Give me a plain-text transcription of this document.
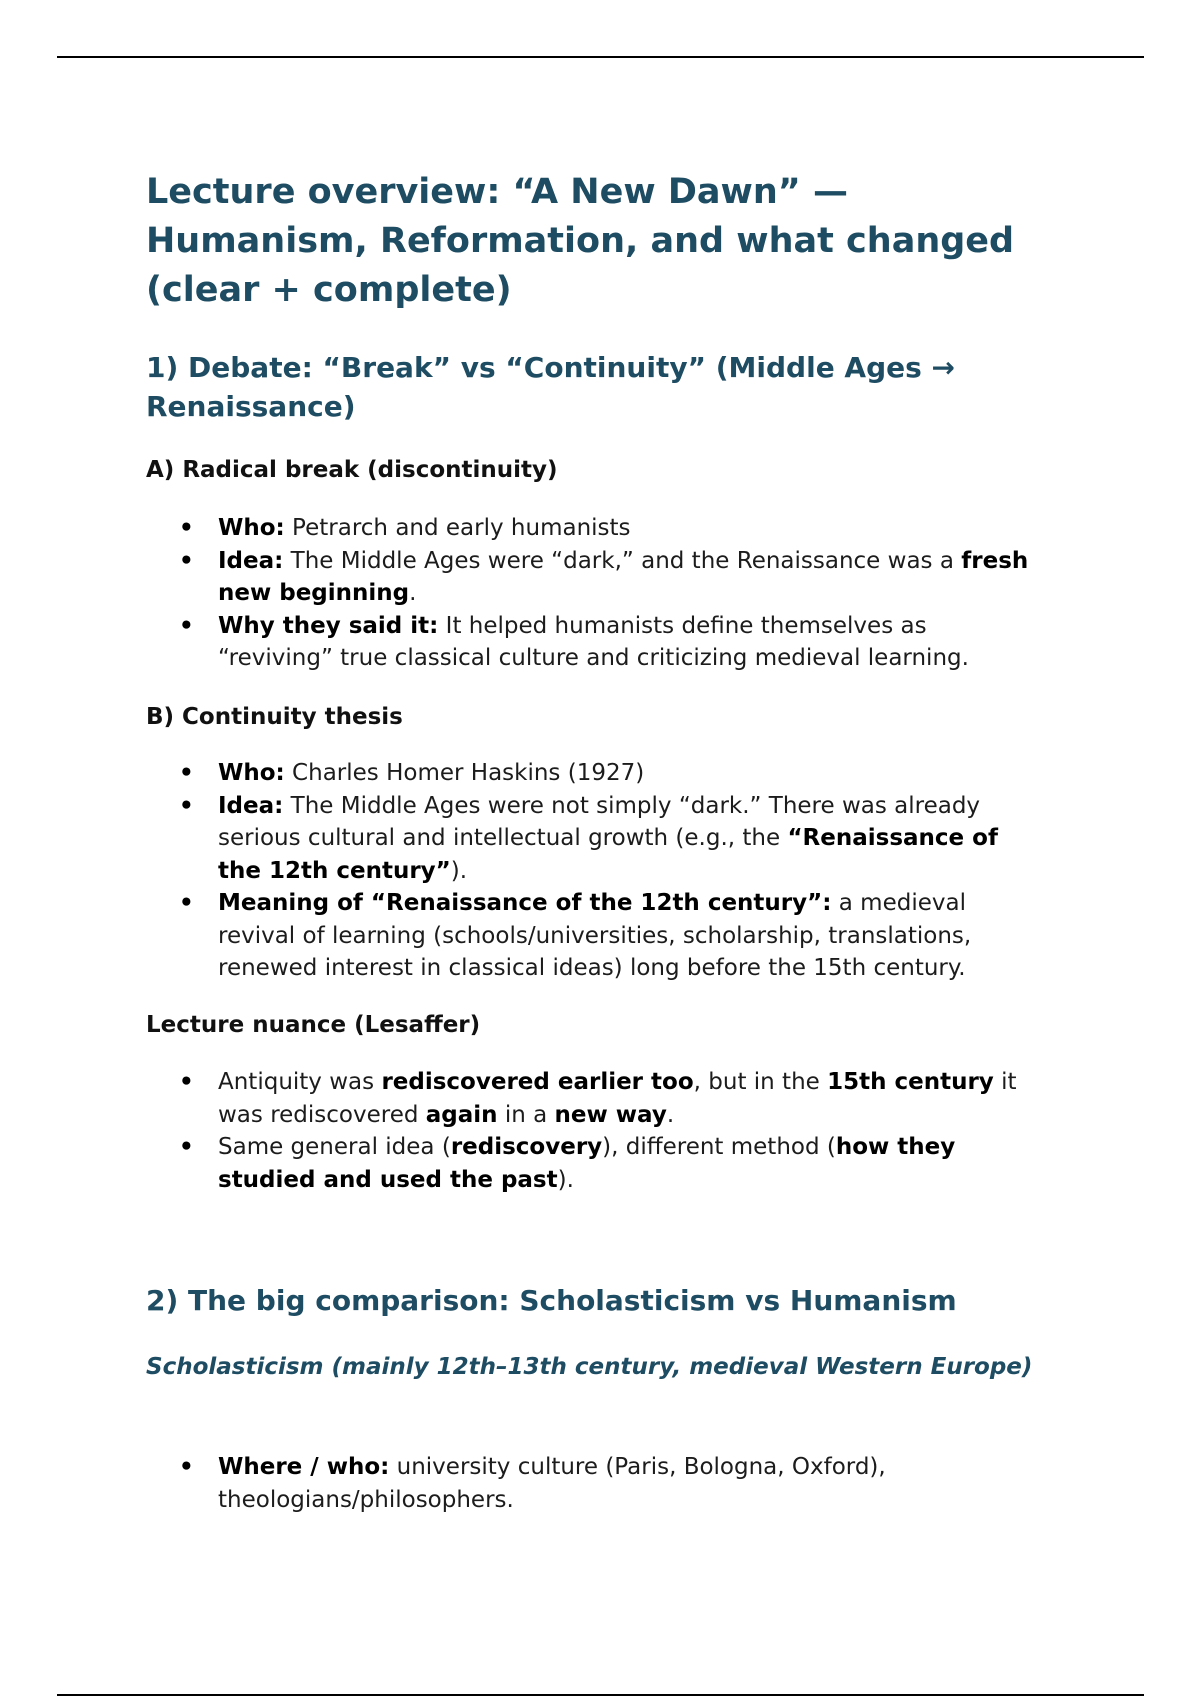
Lecture overview: “A New Dawn” — Humanism, Reformation, and what changed (clear + complete)
1) Debate: “Break” vs “Continuity” (Middle Ages → Renaissance)
A) Radical break (discontinuity)
• Who: Petrarch and early humanists
• Idea: The Middle Ages were “dark,” and the Renaissance was a fresh new beginning.
• Why they said it: It helped humanists define themselves as “reviving” true classical culture and criticizing medieval learning.
B) Continuity thesis
• Who: Charles Homer Haskins (1927)
• Idea: The Middle Ages were not simply “dark.” There was already serious cultural and intellectual growth (e.g., the “Renaissance of the 12th century”).
• Meaning of “Renaissance of the 12th century”: a medieval revival of learning (schools/universities, scholarship, translations, renewed interest in classical ideas) long before the 15th century.
Lecture nuance (Lesaffer)
• Antiquity was rediscovered earlier too, but in the 15th century it was rediscovered again in a new way.
• Same general idea (rediscovery), different method (how they studied and used the past).
2) The big comparison: Scholasticism vs Humanism
Scholasticism (mainly 12th–13th century, medieval Western Europe)
• Where / who: university culture (Paris, Bologna, Oxford), theologians/philosophers.
